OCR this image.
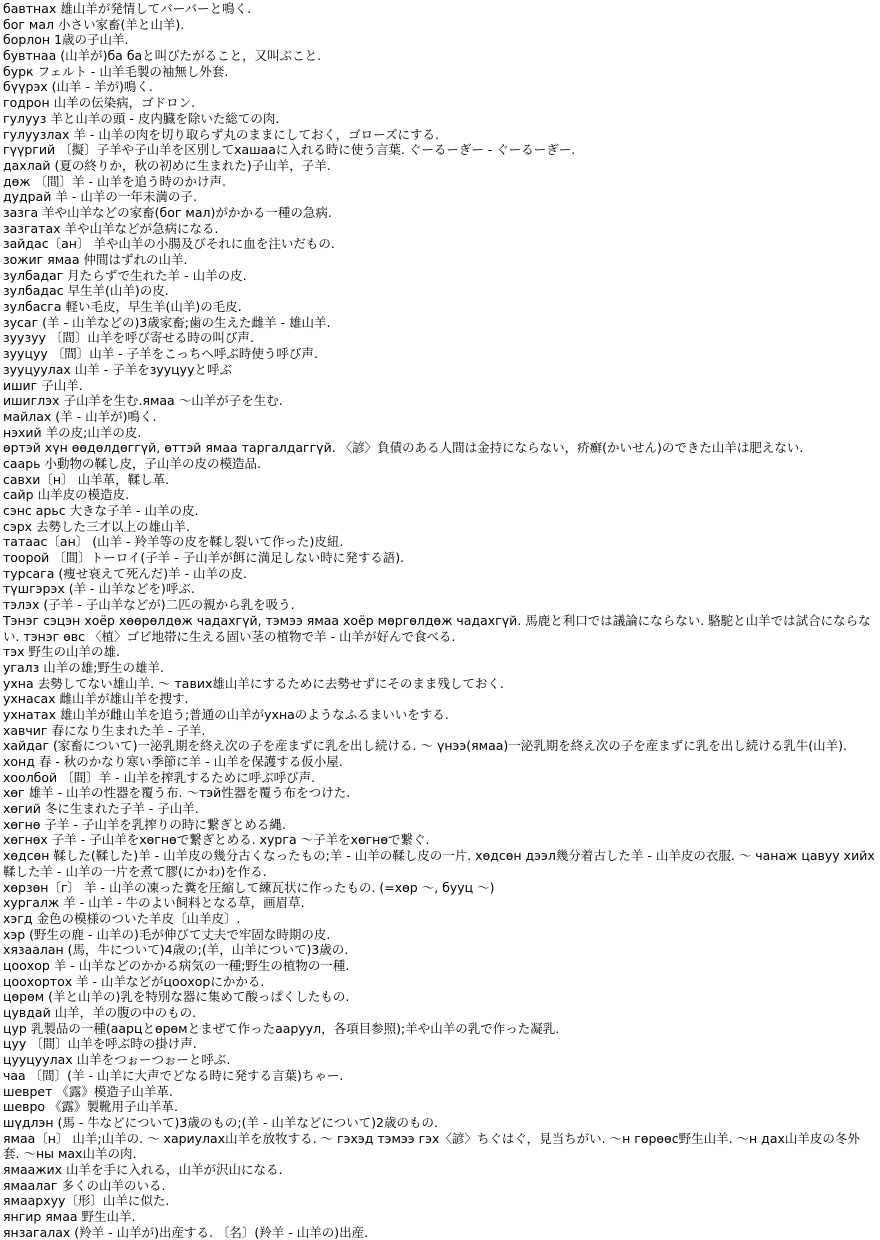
бавтнах 雄山羊が発情してバーバーと鳴く.
бог мал 小さい家畜(羊と山羊).
борлон 1歳の子山羊.
бувтнаа (山羊が)ба баと叫びたがること，又叫ぶこと.
бурк フェルト - 山羊毛製の袖無し外套.
бүүрэх (山羊 - 羊が)鳴く.
годрон 山羊の伝染病，ゴドロン.
гулууз 羊と山羊の頭 - 皮内臓を除いた総ての肉.
гулуузлах 羊 - 山羊の肉を切り取らず丸のままにしておく，ゴローズにする.
гүүргий 〔擬〕子羊や子山羊を区別してхашааに入れる時に使う言葉. ぐーるーぎー - ぐーるーぎー.
дахлай (夏の終りか，秋の初めに生まれた)子山羊，子羊.
дөж 〔間〕羊 - 山羊を追う時のかけ声.
дудрай 羊 - 山羊の一年未満の子.
зазга 羊や山羊などの家畜(бог мал)がかかる一種の急病.
зазгатах 羊や山羊などが急病になる.
зайдас〔ан〕 羊や山羊の小腸及びそれに血を注いだもの.
зожиг ямаа 仲間はずれの山羊.
зулбадаг 月たらずで生れた羊 - 山羊の皮.
зулбадас 早生羊(山羊)の皮.
зулбасга 軽い毛皮，早生羊(山羊)の毛皮.
зусаг (羊 - 山羊などの)3歳家畜;歯の生えた雌羊 - 雄山羊.
зуузуу 〔間〕山羊を呼び寄せる時の叫び声.
зууцуу 〔間〕山羊 - 子羊をこっちへ呼ぶ時使う呼び声.
зууцуулах 山羊 - 子羊をзууцууと呼ぶ
ишиг 子山羊.
ишиглэх 子山羊を生む.ямаа ～山羊が子を生む.
майлах (羊 - 山羊が)鳴く.
нэхий 羊の皮;山羊の皮.
өртэй хүн өөдөлдөггүй, өттэй ямаа таргалдаггүй. 〈諺〉負債のある人間は金持にならない，疥癬(かいせん)のできた山羊は肥えない.
саарь 小動物の鞣し皮，子山羊の皮の模造品.
савхи〔н〕 山羊革，鞣し革.
сайр 山羊皮の模造皮.
сэнс арьс 大きな子羊 - 山羊の皮.
сэрх 去勢した三才以上の雄山羊.
татаас〔ан〕 (山羊 - 羚羊等の皮を鞣し裂いて作った)皮紐.
тоорой 〔間〕トーロイ(子羊 - 子山羊が餌に満足しない時に発する語).
турсага (痩せ衰えて死んだ)羊 - 山羊の皮.
түшгэрэх (羊 - 山羊などを)呼ぶ.
тэлэх (子羊 - 子山羊などが)二匹の親から乳を吸う.
Тэнэг сэцэн хоёр хөөрөлдөж чадахгүй, тэмээ ямаа хоёр мөргөлдөж чадахгүй. 馬鹿と利口では議論にならない. 駱駝と山羊では試合にならない. тэнэг өвс 〈植〉ゴビ地帯に生える固い茎の植物で羊 - 山羊が好んで食べる.
тэх 野生の山羊の雄.
угалз 山羊の雄;野生の雄羊.
ухна 去勢してない雄山羊. ～ тавих雄山羊にするために去勢せずにそのまま残しておく.
ухнасах 雌山羊が雄山羊を捜す.
ухнатах 雄山羊が雌山羊を追う;普通の山羊がухнаのようなふるまいいをする.
хавчиг 春になり生まれた羊 - 子羊.
хайдаг (家畜について)一泌乳期を終え次の子を産まずに乳を出し続ける. ～ үнээ(ямаа)一泌乳期を終え次の子を産まずに乳を出し続ける乳牛(山羊).
хонд 春 - 秋のかなり寒い季節に羊 - 山羊を保護する仮小屋.
хоолбой 〔間〕羊 - 山羊を搾乳するために呼ぶ呼び声.
хөг 雄羊 - 山羊の性器を覆う布. ～тэй性器を覆う布をつけた.
хөгий 冬に生まれた子羊 - 子山羊.
хөгнө 子羊 - 子山羊を乳搾りの時に繋ぎとめる縄.
хөгнөх 子羊 - 子山羊をхөгнөで繋ぎとめる. хурга ～子羊をхөгнөで繋ぐ.
хөдсөн 鞣した(鞣した)羊 - 山羊皮の幾分古くなったもの;羊 - 山羊の鞣し皮の一片. хөдсөн дээл幾分着古した羊 - 山羊皮の衣服. ～ чанаж цавуу хийх鞣した羊 - 山羊の一片を煮て膠(にかわ)を作る.
хөрзөн〔г〕 羊 - 山羊の凍った糞を圧縮して練瓦状に作ったもの. (=хөр ～, бууц ～)
хургалж 羊 - 山羊 - 牛のよい飼料となる草，画眉草.
хэгд 金色の模様のついた羊皮〔山羊皮〕.
хэр (野生の鹿 - 山羊の)毛が伸びて丈夫で牢固な時期の皮.
хязаалан (馬，牛について)4歳の;(羊，山羊について)3歳の.
цоохор 羊 - 山羊などのかかる病気の一種;野生の植物の一種.
цоохортох 羊 - 山羊などがцоохорにかかる.
цөрөм (羊と山羊の)乳を特別な器に集めて酸っぱくしたもの.
цувдай 山羊，羊の腹の中のもの.
цур 乳製品の一種(аарцとөрөмとまぜて作ったааруул，各項目参照);羊や山羊の乳で作った凝乳.
цуу 〔間〕山羊を呼ぶ時の掛け声.
цууцуулах 山羊をつぉーつぉーと呼ぶ.
чаа 〔間〕(羊 - 山羊に大声でどなる時に発する言葉)ちゃー.
шеврет 《露》模造子山羊革.
шевро 《露》製靴用子山羊革.
шүдлэн (馬 - 牛などについて)3歳のもの;(羊 - 山羊などについて)2歳のもの.
ямаа〔н〕 山羊;山羊の. ～ хариулах山羊を放牧する. ～ гэхэд тэмээ гэх〈諺〉ちぐはぐ，見当ちがい. ～н гөрөөс野生山羊. ～н дах山羊皮の冬外套. ～ны мах山羊の肉.
ямаажих 山羊を手に入れる，山羊が沢山になる.
ямаалаг 多くの山羊のいる.
ямаархуу〔形〕山羊に似た.
янгир ямаа 野生山羊.
янзагалах (羚羊 - 山羊が)出産する. 〔名〕(羚羊 - 山羊の)出産.
